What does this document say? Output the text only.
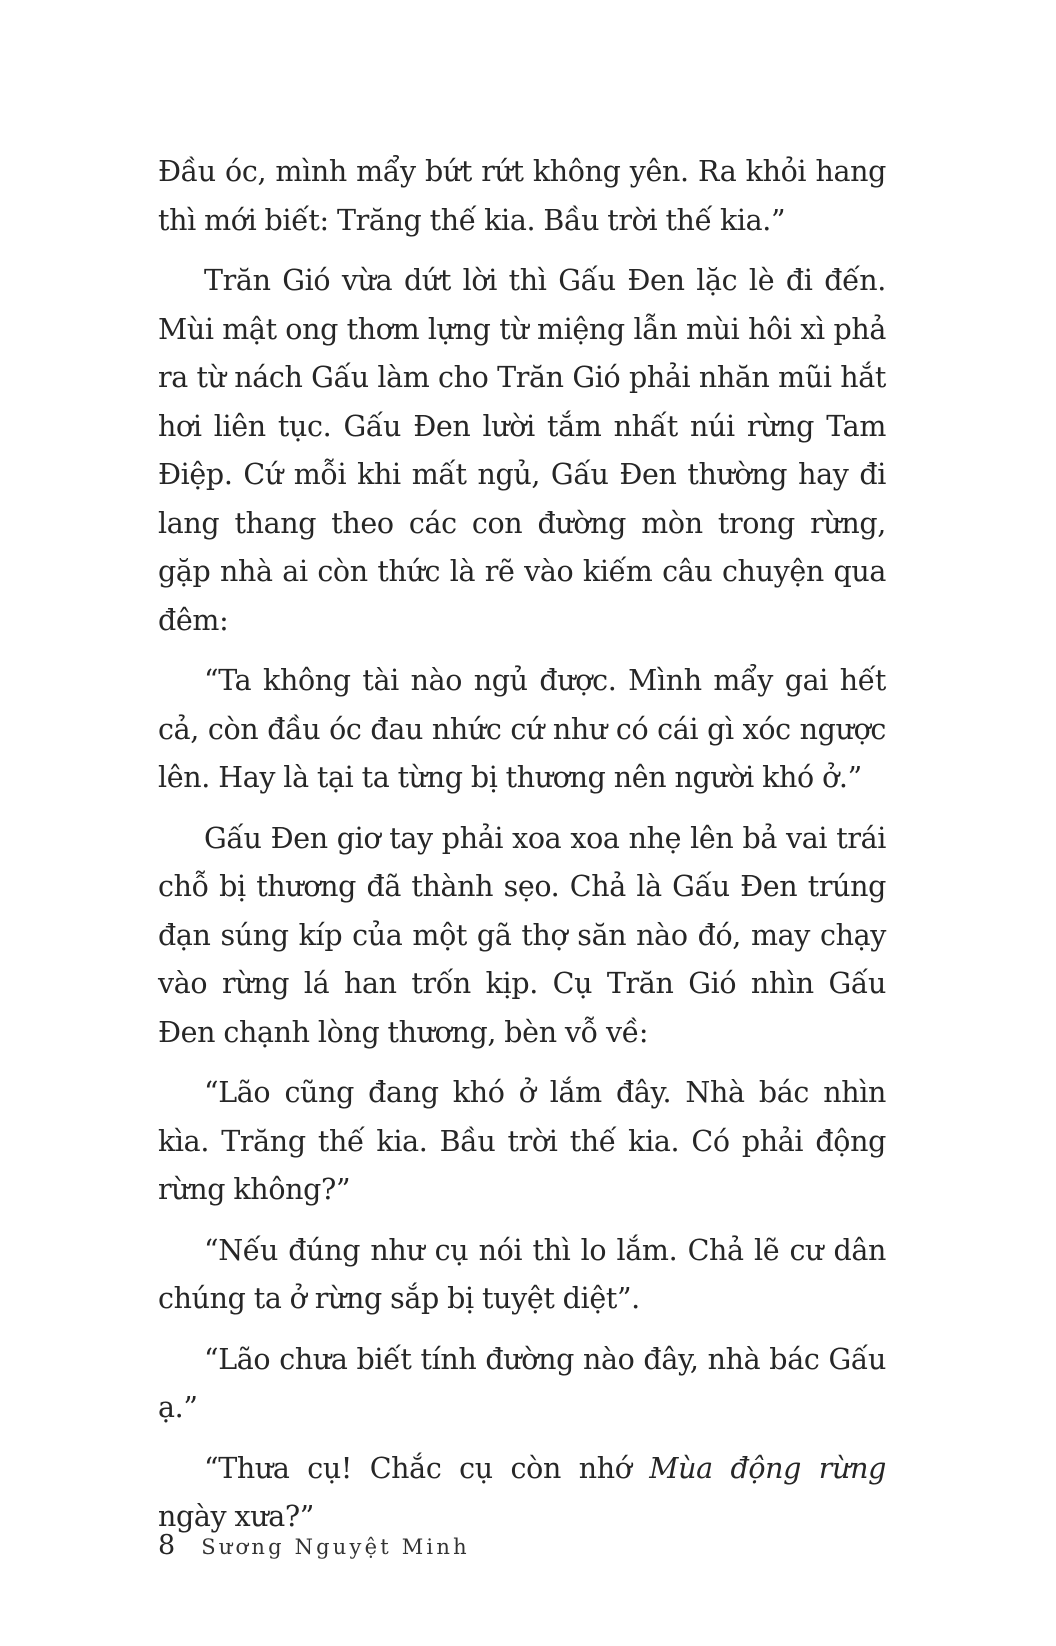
Đầu óc, mình mẩy bứt rứt không yên. Ra khỏi hang thì mới biết: Trăng thế kia. Bầu trời thế kia.”

Trăn Gió vừa dứt lời thì Gấu Đen lặc lè đi đến. Mùi mật ong thơm lựng từ miệng lẫn mùi hôi xì phả ra từ nách Gấu làm cho Trăn Gió phải nhăn mũi hắt hơi liên tục. Gấu Đen lười tắm nhất núi rừng Tam Điệp. Cứ mỗi khi mất ngủ, Gấu Đen thường hay đi lang thang theo các con đường mòn trong rừng, gặp nhà ai còn thức là rẽ vào kiếm câu chuyện qua đêm:

“Ta không tài nào ngủ được. Mình mẩy gai hết cả, còn đầu óc đau nhức cứ như có cái gì xóc ngược lên. Hay là tại ta từng bị thương nên người khó ở.”

Gấu Đen giơ tay phải xoa xoa nhẹ lên bả vai trái chỗ bị thương đã thành sẹo. Chả là Gấu Đen trúng đạn súng kíp của một gã thợ săn nào đó, may chạy vào rừng lá han trốn kịp. Cụ Trăn Gió nhìn Gấu Đen chạnh lòng thương, bèn vỗ về:

“Lão cũng đang khó ở lắm đây. Nhà bác nhìn kìa. Trăng thế kia. Bầu trời thế kia. Có phải động rừng không?”

“Nếu đúng như cụ nói thì lo lắm. Chả lẽ cư dân chúng ta ở rừng sắp bị tuyệt diệt”.

“Lão chưa biết tính đường nào đây, nhà bác Gấu ạ.”

“Thưa cụ! Chắc cụ còn nhớ Mùa động rừng ngày xưa?”

8 Sương Nguyệt Minh
